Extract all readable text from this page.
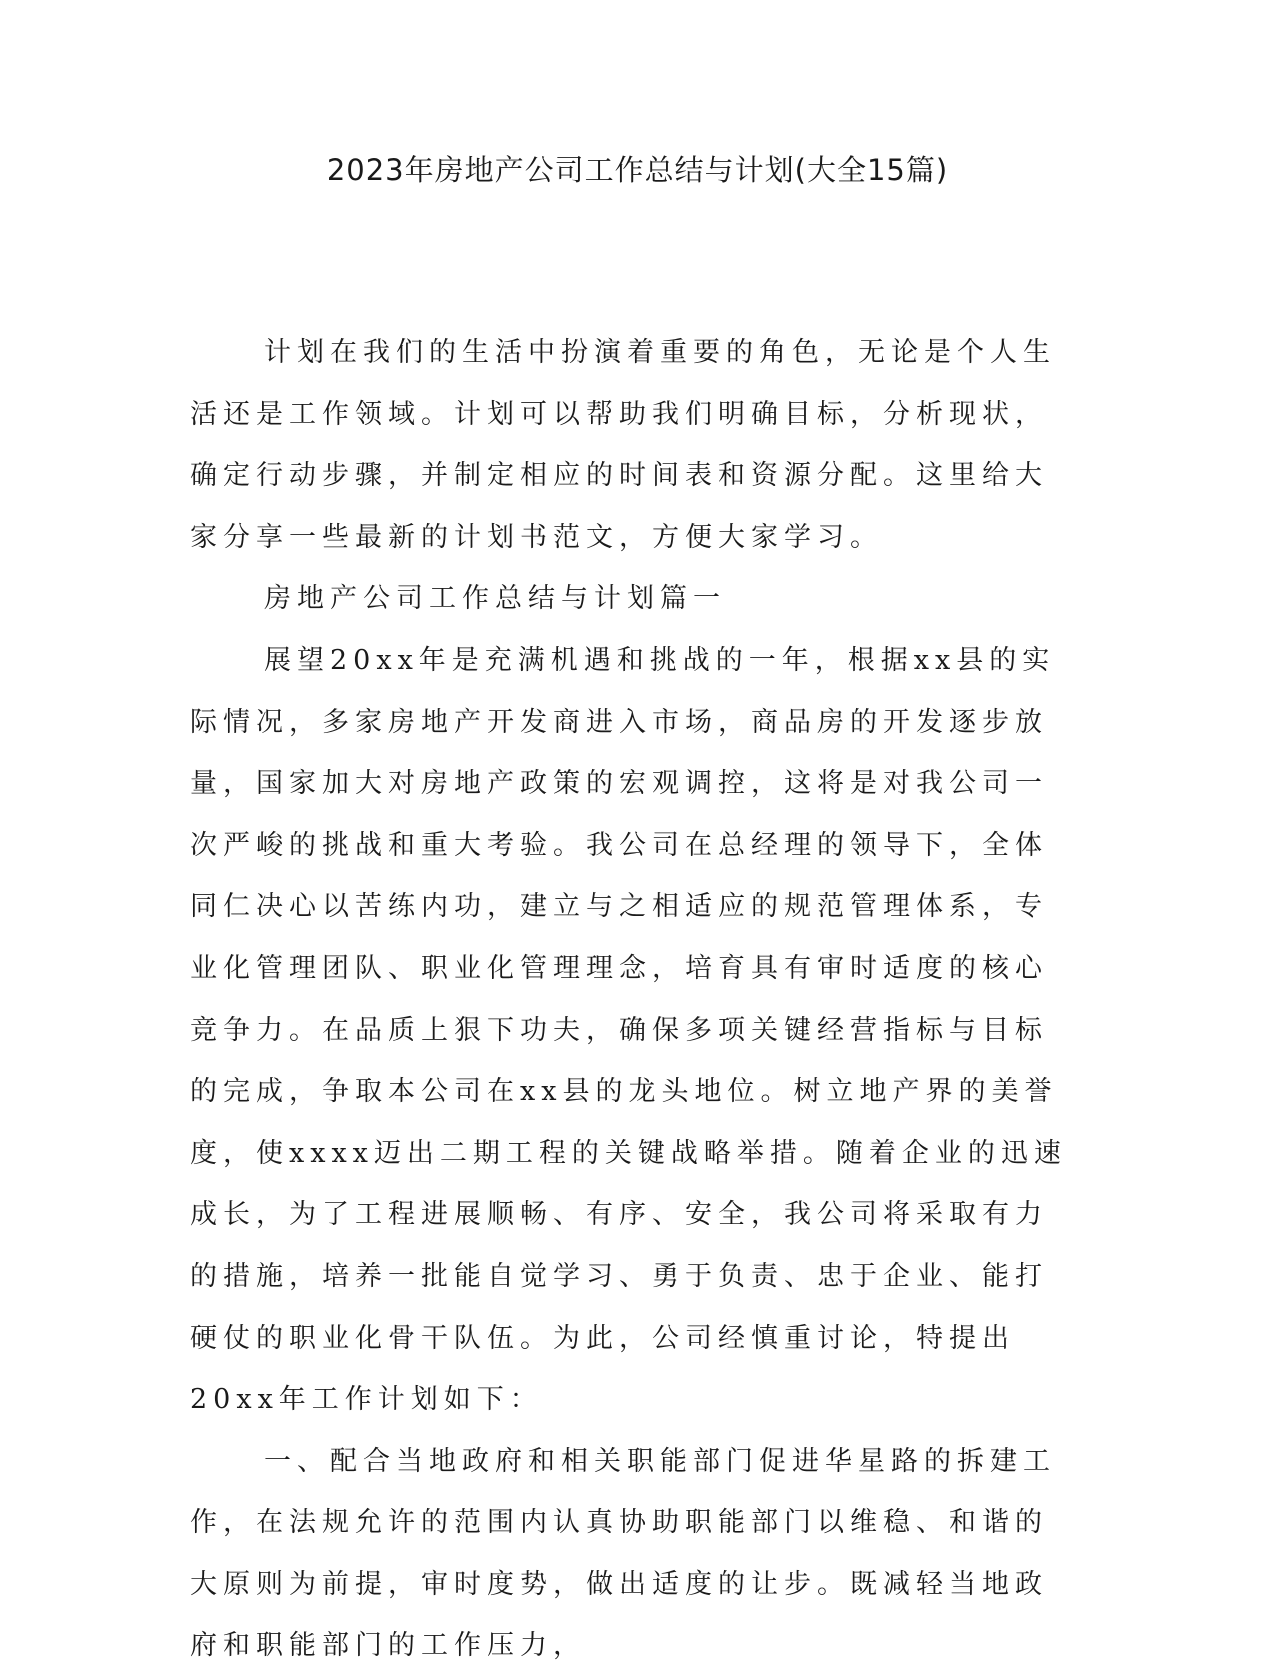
2023年房地产公司工作总结与计划(大全15篇)

计划在我们的生活中扮演着重要的角色，无论是个人生活还是工作领域。计划可以帮助我们明确目标，分析现状，确定行动步骤，并制定相应的时间表和资源分配。这里给大家分享一些最新的计划书范文，方便大家学习。

房地产公司工作总结与计划篇一

展望20xx年是充满机遇和挑战的一年，根据xx县的实际情况，多家房地产开发商进入市场，商品房的开发逐步放量，国家加大对房地产政策的宏观调控，这将是对我公司一次严峻的挑战和重大考验。我公司在总经理的领导下，全体同仁决心以苦练内功，建立与之相适应的规范管理体系，专业化管理团队、职业化管理理念，培育具有审时适度的核心竞争力。在品质上狠下功夫，确保多项关键经营指标与目标的完成，争取本公司在xx县的龙头地位。树立地产界的美誉度，使xxxx迈出二期工程的关键战略举措。随着企业的迅速成长，为了工程进展顺畅、有序、安全，我公司将采取有力的措施，培养一批能自觉学习、勇于负责、忠于企业、能打硬仗的职业化骨干队伍。为此，公司经慎重讨论，特提出20xx年工作计划如下：

一、配合当地政府和相关职能部门促进华星路的拆建工作，在法规允许的范围内认真协助职能部门以维稳、和谐的大原则为前提，审时度势，做出适度的让步。既减轻当地政府和职能部门的工作压力，
